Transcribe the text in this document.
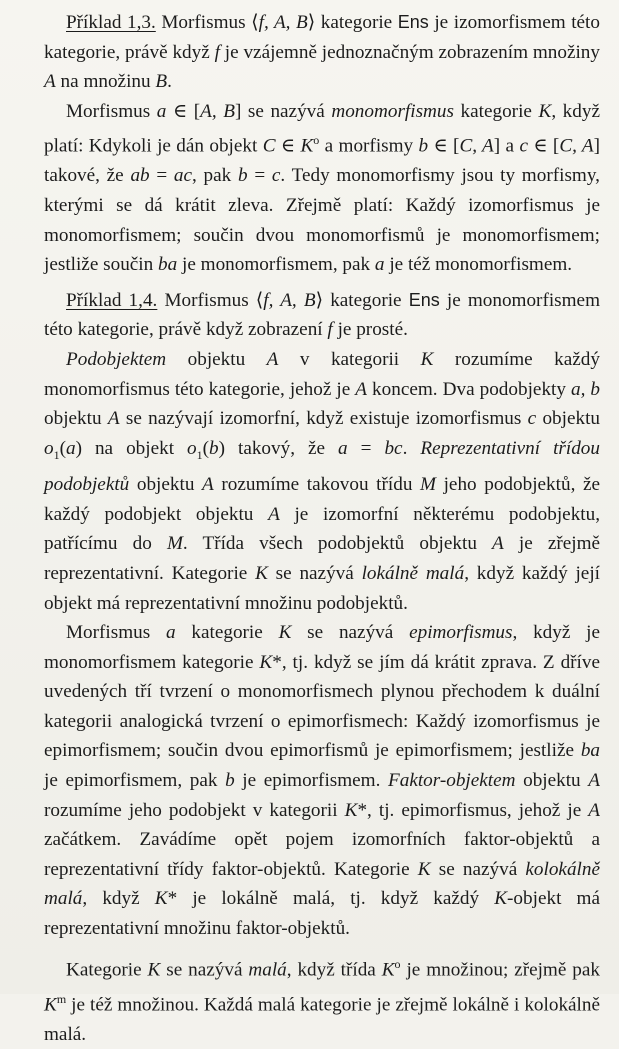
Příklad 1,3. Morfismus ⟨f, A, B⟩ kategorie Ens je izomorfismem této kategorie, právě když f je vzájemně jednoznačným zobrazením množiny A na množinu B.

Morfismus a ∈ [A, B] se nazývá monomorfismus kategorie K, když platí: Kdykoli je dán objekt C ∈ $K^o$ a morfismy b ∈ [C, A] a c ∈ [C, A] takové, že ab = ac, pak b = c. Tedy monomorfismy jsou ty morfismy, kterými se dá krátit zleva. Zřejmě platí: Každý izomorfismus je monomorfismem; součin dvou monomorfismů je monomorfismem; jestliže součin ba je monomorfismem, pak a je též monomorfismem.

Příklad 1,4. Morfismus ⟨f, A, B⟩ kategorie Ens je monomorfismem této kategorie, právě když zobrazení f je prosté.

Podobjektem objektu A v kategorii K rozumíme každý monomorfismus této kategorie, jehož je A koncem. Dva podobjekty a, b objektu A se nazývají izomorfní, když existuje izomorfismus c objektu $o_1(a)$ na objekt $o_1(b)$ takový, že a = bc. Reprezentativní třídou podobjektů objektu A rozumíme takovou třídu M jeho podobjektů, že každý podobjekt objektu A je izomorfní některému podobjektu, patřícímu do M. Třída všech podobjektů objektu A je zřejmě reprezentativní. Kategorie K se nazývá lokálně malá, když každý její objekt má reprezentativní množinu podobjektů.

Morfismus a kategorie K se nazývá epimorfismus, když je monomorfismem kategorie K*, tj. když se jím dá krátit zprava. Z dříve uvedených tří tvrzení o monomorfismech plynou přechodem k duální kategorii analogická tvrzení o epimorfismech: Každý izomorfismus je epimorfismem; součin dvou epimorfismů je epimorfismem; jestliže ba je epimorfismem, pak b je epimorfismem. Faktor-objektem objektu A rozumíme jeho podobjekt v kategorii K*, tj. epimorfismus, jehož je A začátkem. Zavádíme opět pojem izomorfních faktor-objektů a reprezentativní třídy faktor-objektů. Kategorie K se nazývá kolokálně malá, když K* je lokálně malá, tj. když každý K-objekt má reprezentativní množinu faktor-objektů.

Kategorie K se nazývá malá, když třída $K^o$ je množinou; zřejmě pak $K^m$ je též množinou. Každá malá kategorie je zřejmě lokálně i kolokálně malá.
